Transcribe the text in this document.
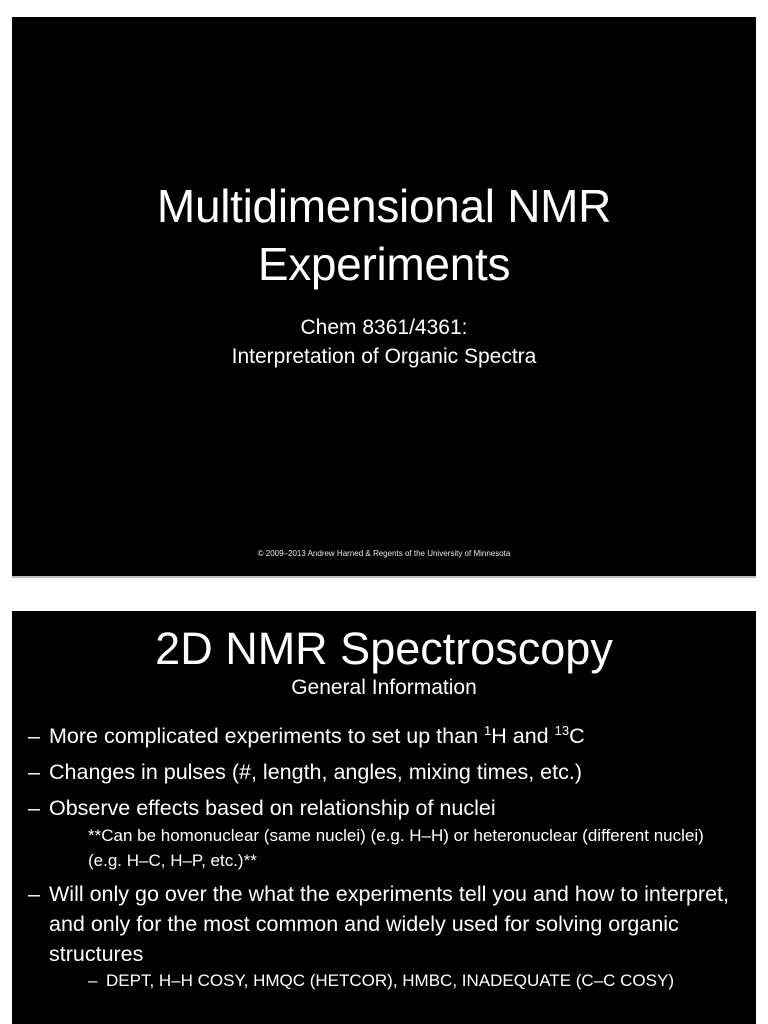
Multidimensional NMR
Experiments
Chem 8361/4361:
Interpretation of Organic Spectra
© 2009–2013 Andrew Harned & Regents of the University of Minnesota
2D NMR Spectroscopy
General Information
– More complicated experiments to set up than $^1$H and $^{13}$C
– Changes in pulses (#, length, angles, mixing times, etc.)
– Observe effects based on relationship of nuclei
**Can be homonuclear (same nuclei) (e.g. H–H) or heteronuclear (different nuclei) (e.g. H–C, H–P, etc.)**
– Will only go over the what the experiments tell you and how to interpret, and only for the most common and widely used for solving organic structures
– DEPT, H–H COSY, HMQC (HETCOR), HMBC, INADEQUATE (C–C COSY)
